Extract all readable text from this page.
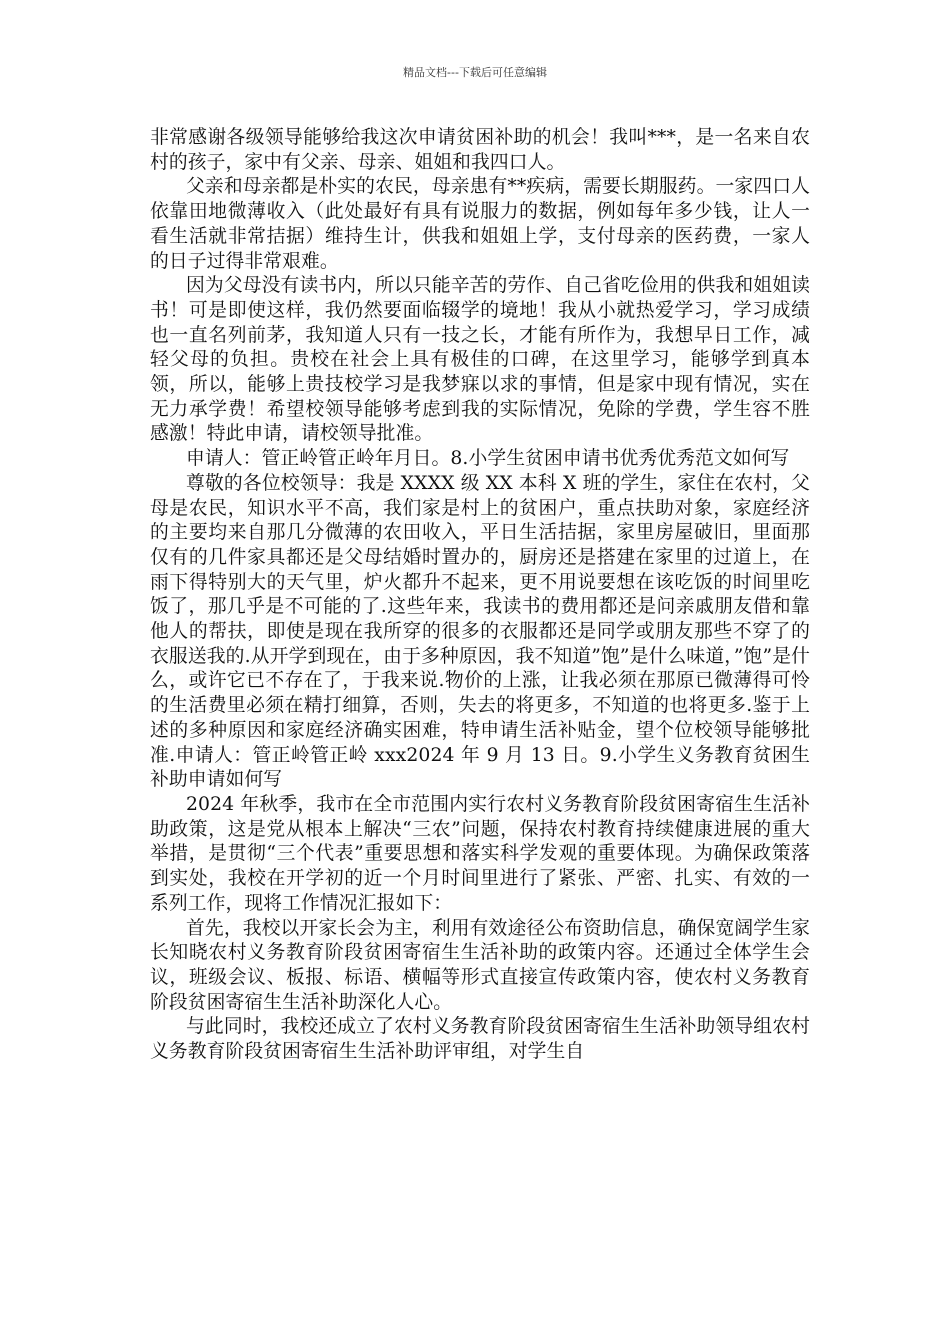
精品文档---下载后可任意编辑

非常感谢各级领导能够给我这次申请贫困补助的机会！我叫***，是一名来自农村的孩子，家中有父亲、母亲、姐姐和我四口人。

父亲和母亲都是朴实的农民，母亲患有**疾病，需要长期服药。一家四口人依靠田地微薄收入（此处最好有具有说服力的数据，例如每年多少钱，让人一看生活就非常拮据）维持生计，供我和姐姐上学，支付母亲的医药费，一家人的日子过得非常艰难。

因为父母没有读书内，所以只能辛苦的劳作、自己省吃俭用的供我和姐姐读书！可是即使这样，我仍然要面临辍学的境地！我从小就热爱学习，学习成绩也一直名列前茅，我知道人只有一技之长，才能有所作为，我想早日工作，减轻父母的负担。贵校在社会上具有极佳的口碑，在这里学习，能够学到真本领，所以，能够上贵技校学习是我梦寐以求的事情，但是家中现有情况，实在无力承学费！希望校领导能够考虑到我的实际情况，免除的学费，学生容不胜感激！特此申请，请校领导批准。

申请人：管正岭管正岭年月日。8.小学生贫困申请书优秀优秀范文如何写

尊敬的各位校领导：我是 XXXX 级 XX 本科 X 班的学生，家住在农村，父母是农民，知识水平不高，我们家是村上的贫困户，重点扶助对象，家庭经济的主要均来自那几分微薄的农田收入，平日生活拮据，家里房屋破旧，里面那仅有的几件家具都还是父母结婚时置办的，厨房还是搭建在家里的过道上，在雨下得特别大的天气里，炉火都升不起来，更不用说要想在该吃饭的时间里吃饭了，那几乎是不可能的了.这些年来，我读书的费用都还是问亲戚朋友借和靠他人的帮扶，即使是现在我所穿的很多的衣服都还是同学或朋友那些不穿了的衣服送我的.从开学到现在，由于多种原因，我不知道”饱”是什么味道，”饱”是什么，或许它已不存在了，于我来说.物价的上涨，让我必须在那原已微薄得可怜的生活费里必须在精打细算，否则，失去的将更多，不知道的也将更多.鉴于上述的多种原因和家庭经济确实困难，特申请生活补贴金，望个位校领导能够批准.申请人：管正岭管正岭 xxx2024 年 9 月 13 日。9.小学生义务教育贫困生补助申请如何写

2024 年秋季，我市在全市范围内实行农村义务教育阶段贫困寄宿生生活补助政策，这是党从根本上解决“三农”问题，保持农村教育持续健康进展的重大举措，是贯彻“三个代表”重要思想和落实科学发观的重要体现。为确保政策落到实处，我校在开学初的近一个月时间里进行了紧张、严密、扎实、有效的一系列工作，现将工作情况汇报如下：

首先，我校以开家长会为主，利用有效途径公布资助信息，确保宽阔学生家长知晓农村义务教育阶段贫困寄宿生生活补助的政策内容。还通过全体学生会议，班级会议、板报、标语、横幅等形式直接宣传政策内容，使农村义务教育阶段贫困寄宿生生活补助深化人心。

与此同时，我校还成立了农村义务教育阶段贫困寄宿生生活补助领导组农村义务教育阶段贫困寄宿生生活补助评审组，对学生自
